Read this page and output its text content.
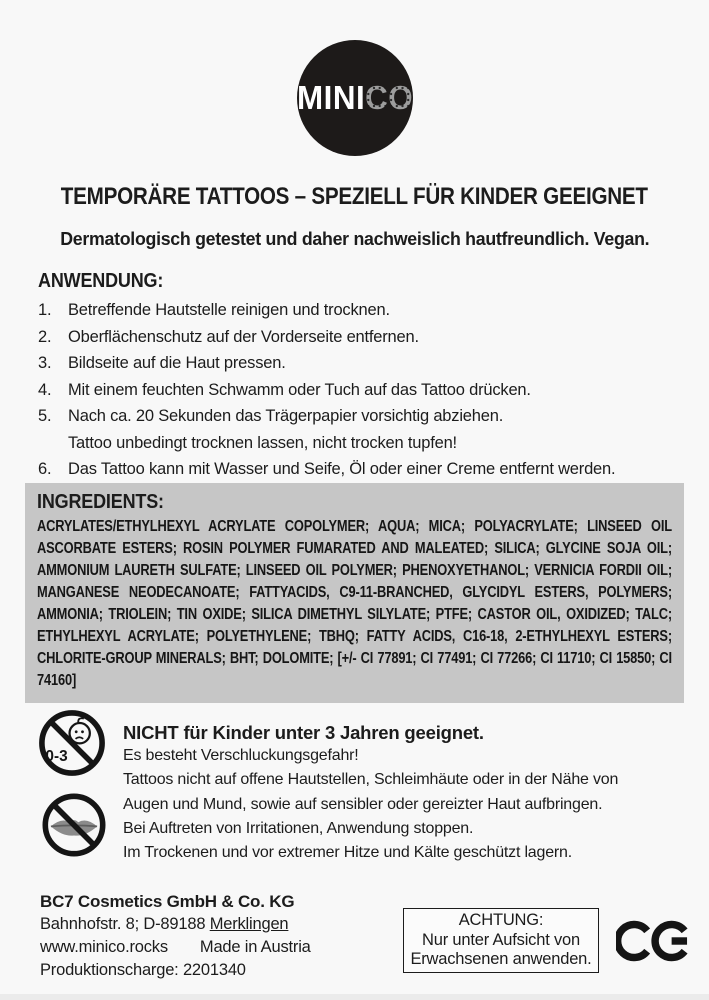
MINICO
TEMPORÄRE TATTOOS – SPEZIELL FÜR KINDER GEEIGNET
Dermatologisch getestet und daher nachweislich hautfreundlich. Vegan.
ANWENDUNG:
1.	Betreffende Hautstelle reinigen und trocknen.
2.	Oberflächenschutz auf der Vorderseite entfernen.
3.	Bildseite auf die Haut pressen.
4.	Mit einem feuchten Schwamm oder Tuch auf das Tattoo drücken.
5.	Nach ca. 20 Sekunden das Trägerpapier vorsichtig abziehen.
Tattoo unbedingt trocknen lassen, nicht trocken tupfen!
6.	Das Tattoo kann mit Wasser und Seife, Öl oder einer Creme entfernt werden.
INGREDIENTS:
ACRYLATES/ETHYLHEXYL ACRYLATE COPOLYMER; AQUA; MICA; POLYACRYLATE; LINSEED OIL ASCORBATE ESTERS; ROSIN POLYMER FUMARATED AND MALEATED; SILICA; GLYCINE SOJA OIL; AMMONIUM LAURETH SULFATE; LINSEED OIL POLYMER; PHENOXYETHANOL; VERNICIA FORDII OIL; MANGANESE NEODECANOATE; FATTYACIDS, C9-11-BRANCHED, GLYCIDYL ESTERS, POLYMERS; AMMONIA; TRIOLEIN; TIN OXIDE; SILICA DIMETHYL SILYLATE; PTFE; CASTOR OIL, OXIDIZED; TALC; ETHYLHEXYL ACRYLATE; POLYETHYLENE; TBHQ; FATTY ACIDS, C16-18, 2-ETHYLHEXYL ESTERS; CHLORITE-GROUP MINERALS; BHT; DOLOMITE; [+/- CI 77891; CI 77491; CI 77266; CI 11710; CI 15850; CI 74160]
0-3
NICHT für Kinder unter 3 Jahren geeignet.
Es besteht Verschluckungsgefahr!
Tattoos nicht auf offene Hautstellen, Schleimhäute oder in der Nähe von
Augen und Mund, sowie auf sensibler oder gereizter Haut aufbringen.
Bei Auftreten von Irritationen, Anwendung stoppen.
Im Trockenen und vor extremer Hitze und Kälte geschützt lagern.
BC7 Cosmetics GmbH & Co. KG
Bahnhofstr. 8; D-89188 Merklingen
www.minico.rocks Made in Austria
Produktionscharge: 2201340
ACHTUNG:
Nur unter Aufsicht von
Erwachsenen anwenden.
